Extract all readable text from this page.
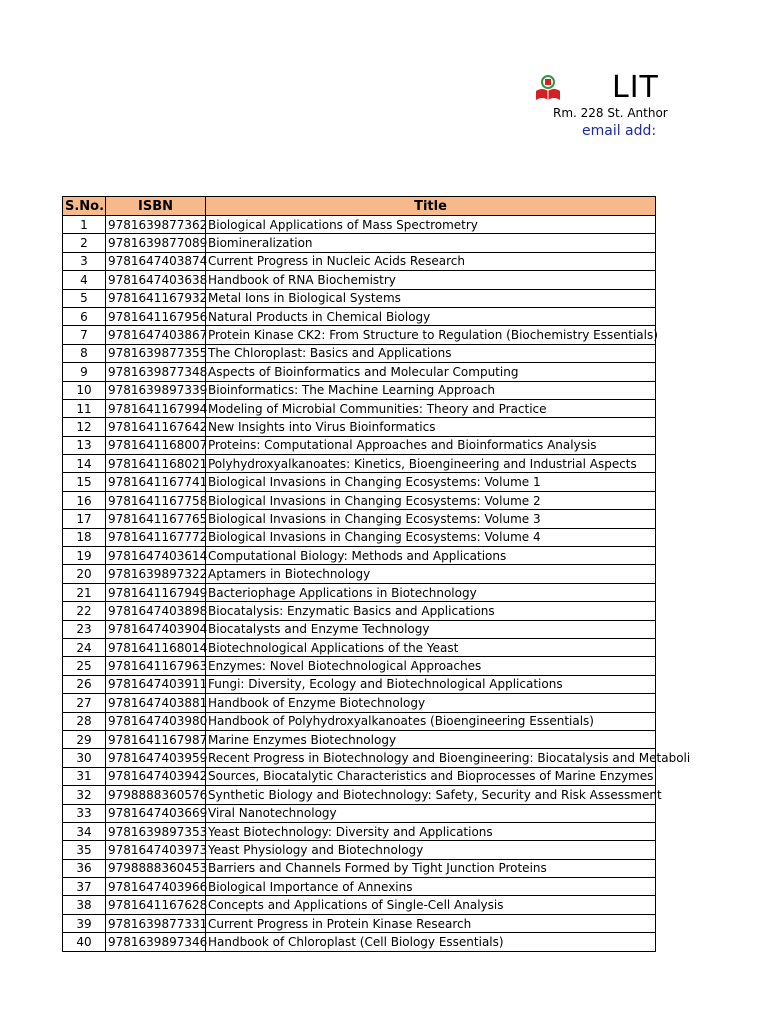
LIT
Rm. 228 St. Anthor
email add:
S.No.	ISBN	Title
1	9781639877362	Biological Applications of Mass Spectrometry
2	9781639877089	Biomineralization
3	9781647403874	Current Progress in Nucleic Acids Research
4	9781647403638	Handbook of RNA Biochemistry
5	9781641167932	Metal Ions in Biological Systems
6	9781641167956	Natural Products in Chemical Biology
7	9781647403867	Protein Kinase CK2: From Structure to Regulation (Biochemistry Essentials)
8	9781639877355	The Chloroplast: Basics and Applications
9	9781639877348	Aspects of Bioinformatics and Molecular Computing
10	9781639897339	Bioinformatics: The Machine Learning Approach
11	9781641167994	Modeling of Microbial Communities: Theory and Practice
12	9781641167642	New Insights into Virus Bioinformatics
13	9781641168007	Proteins: Computational Approaches and Bioinformatics Analysis
14	9781641168021	Polyhydroxyalkanoates: Kinetics, Bioengineering and Industrial Aspects
15	9781641167741	Biological Invasions in Changing Ecosystems: Volume 1
16	9781641167758	Biological Invasions in Changing Ecosystems: Volume 2
17	9781641167765	Biological Invasions in Changing Ecosystems: Volume 3
18	9781641167772	Biological Invasions in Changing Ecosystems: Volume 4
19	9781647403614	Computational Biology: Methods and Applications
20	9781639897322	Aptamers in Biotechnology
21	9781641167949	Bacteriophage Applications in Biotechnology
22	9781647403898	Biocatalysis: Enzymatic Basics and Applications
23	9781647403904	Biocatalysts and Enzyme Technology
24	9781641168014	Biotechnological Applications of the Yeast
25	9781641167963	Enzymes: Novel Biotechnological Approaches
26	9781647403911	Fungi: Diversity, Ecology and Biotechnological Applications
27	9781647403881	Handbook of Enzyme Biotechnology
28	9781647403980	Handbook of Polyhydroxyalkanoates (Bioengineering Essentials)
29	9781641167987	Marine Enzymes Biotechnology
30	9781647403959	Recent Progress in Biotechnology and Bioengineering: Biocatalysis and Metaboli
31	9781647403942	Sources, Biocatalytic Characteristics and Bioprocesses of Marine Enzymes
32	9798888360576	Synthetic Biology and Biotechnology: Safety, Security and Risk Assessment
33	9781647403669	Viral Nanotechnology
34	9781639897353	Yeast Biotechnology: Diversity and Applications
35	9781647403973	Yeast Physiology and Biotechnology
36	9798888360453	Barriers and Channels Formed by Tight Junction Proteins
37	9781647403966	Biological Importance of Annexins
38	9781641167628	Concepts and Applications of Single-Cell Analysis
39	9781639877331	Current Progress in Protein Kinase Research
40	9781639897346	Handbook of Chloroplast (Cell Biology Essentials)
